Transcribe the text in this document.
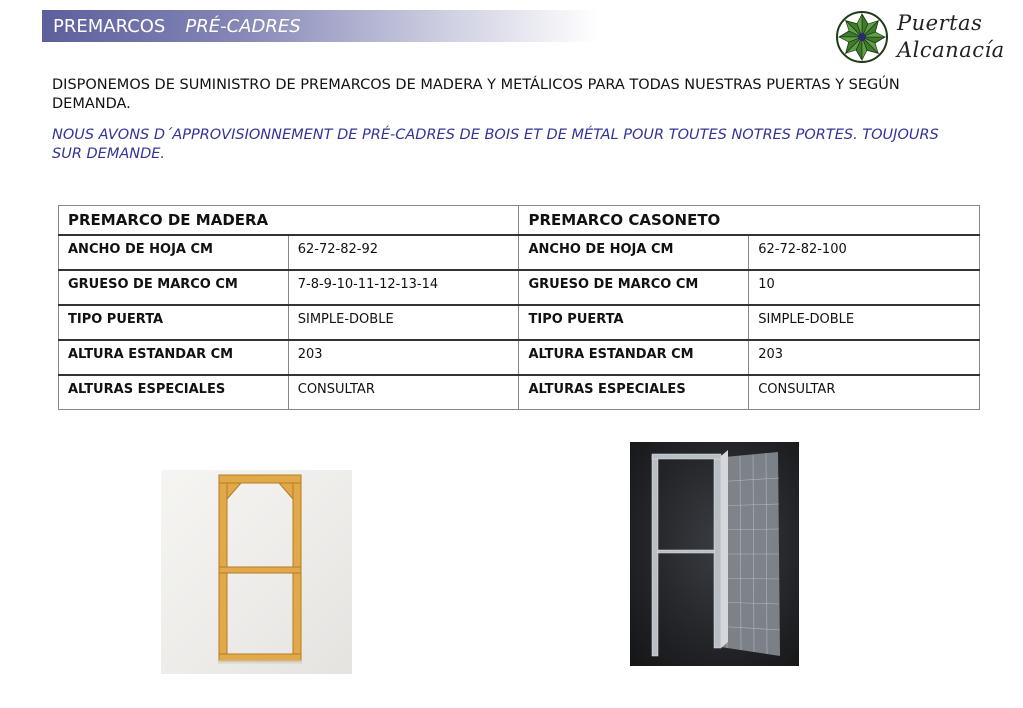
PREMARCOS PRÉ-CADRES	Puertas
Alcanacía
DISPONEMOS DE SUMINISTRO DE PREMARCOS DE MADERA Y METÁLICOS PARA TODAS NUESTRAS PUERTAS Y SEGÚN DEMANDA.
NOUS AVONS D´APPROVISIONNEMENT DE PRÉ-CADRES DE BOIS ET DE MÉTAL POUR TOUTES NOTRES PORTES. TOUJOURS SUR DEMANDE.
PREMARCO DE MADERA		PREMARCO CASONETO	
ANCHO DE HOJA CM	62-72-82-92	ANCHO DE HOJA CM	62-72-82-100
GRUESO DE MARCO CM	7-8-9-10-11-12-13-14	GRUESO DE MARCO CM	10
TIPO PUERTA	SIMPLE-DOBLE	TIPO PUERTA	SIMPLE-DOBLE
ALTURA ESTANDAR CM	203	ALTURA ESTANDAR CM	203
ALTURAS ESPECIALES	CONSULTAR	ALTURAS ESPECIALES	CONSULTAR
